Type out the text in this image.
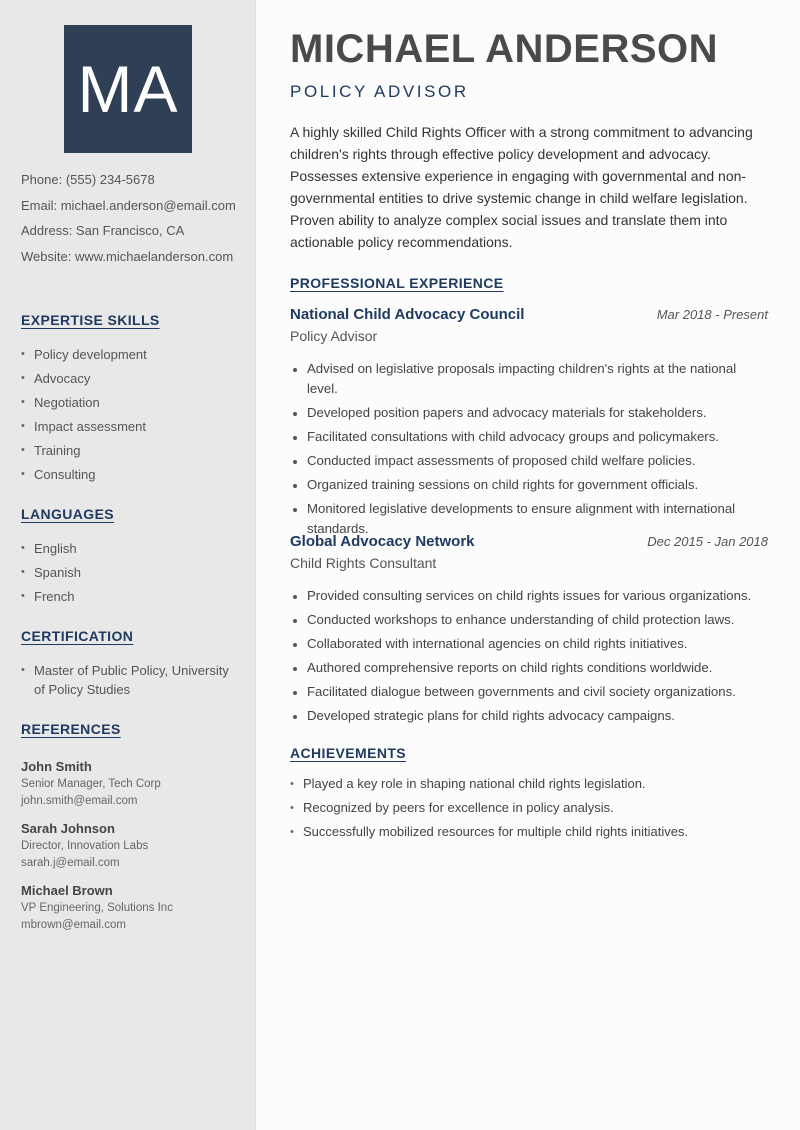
MA
Phone: (555) 234-5678
Email: michael.anderson@email.com
Address: San Francisco, CA
Website: www.michaelanderson.com
EXPERTISE SKILLS
• Policy development
• Advocacy
• Negotiation
• Impact assessment
• Training
• Consulting
LANGUAGES
• English
• Spanish
• French
CERTIFICATION
• Master of Public Policy, University of Policy Studies
REFERENCES
John Smith
Senior Manager, Tech Corp
john.smith@email.com
Sarah Johnson
Director, Innovation Labs
sarah.j@email.com
Michael Brown
VP Engineering, Solutions Inc
mbrown@email.com
MICHAEL ANDERSON
POLICY ADVISOR

A highly skilled Child Rights Officer with a strong commitment to advancing children's rights through effective policy development and advocacy. Possesses extensive experience in engaging with governmental and non-governmental entities to drive systemic change in child welfare legislation. Proven ability to analyze complex social issues and translate them into actionable policy recommendations.

PROFESSIONAL EXPERIENCE
National Child Advocacy Council	Mar 2018 - Present
Policy Advisor
• Advised on legislative proposals impacting children's rights at the national level.
• Developed position papers and advocacy materials for stakeholders.
• Facilitated consultations with child advocacy groups and policymakers.
• Conducted impact assessments of proposed child welfare policies.
• Organized training sessions on child rights for government officials.
• Monitored legislative developments to ensure alignment with international standards.
Global Advocacy Network	Dec 2015 - Jan 2018
Child Rights Consultant
• Provided consulting services on child rights issues for various organizations.
• Conducted workshops to enhance understanding of child protection laws.
• Collaborated with international agencies on child rights initiatives.
• Authored comprehensive reports on child rights conditions worldwide.
• Facilitated dialogue between governments and civil society organizations.
• Developed strategic plans for child rights advocacy campaigns.
ACHIEVEMENTS
• Played a key role in shaping national child rights legislation.
• Recognized by peers for excellence in policy analysis.
• Successfully mobilized resources for multiple child rights initiatives.
